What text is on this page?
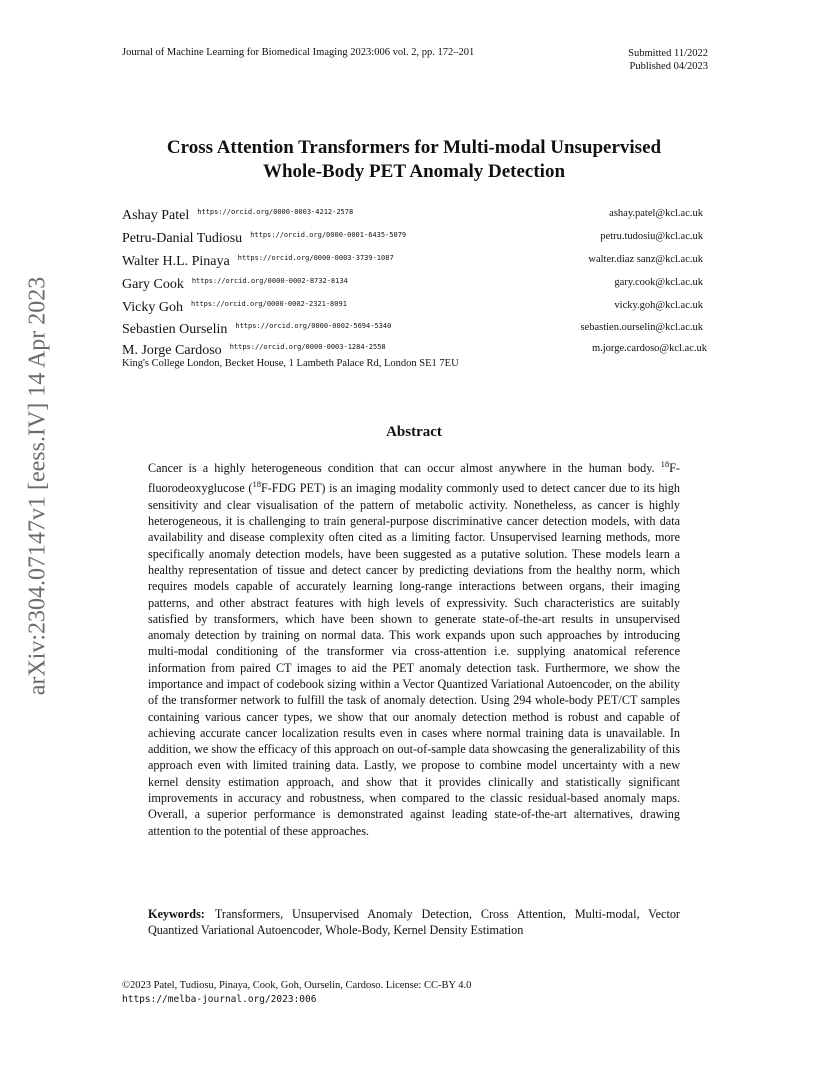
Journal of Machine Learning for Biomedical Imaging 2023:006 vol. 2, pp. 172–201	Submitted 11/2022
Published 04/2023
Cross Attention Transformers for Multi-modal Unsupervised
Whole-Body PET Anomaly Detection
Ashay Patel $^{https://orcid.org/0000-0003-4212-2578}$	ashay.patel@kcl.ac.uk
Petru-Danial Tudiosu $^{https://orcid.org/0000-0001-6435-5079}$	petru.tudosiu@kcl.ac.uk
Walter H.L. Pinaya $^{https://orcid.org/0000-0003-3739-1087}$	walter.diaz sanz@kcl.ac.uk
Gary Cook $^{https://orcid.org/0000-0002-8732-8134}$	gary.cook@kcl.ac.uk
Vicky Goh $^{https://orcid.org/0000-0002-2321-8091}$	vicky.goh@kcl.ac.uk
Sebastien Ourselin $^{https://orcid.org/0000-0002-5694-5340}$	sebastien.ourselin@kcl.ac.uk
M. Jorge Cardoso $^{https://orcid.org/0000-0003-1284-2558}$	m.jorge.cardoso@kcl.ac.uk
King's College London, Becket House, 1 Lambeth Palace Rd, London SE1 7EU
Abstract
Cancer is a highly heterogeneous condition that can occur almost anywhere in the human body. $^{18}$F-fluorodeoxyglucose ($^{18}$F-FDG PET) is an imaging modality commonly used to detect cancer due to its high sensitivity and clear visualisation of the pattern of metabolic activity. Nonetheless, as cancer is highly heterogeneous, it is challenging to train general-purpose discriminative cancer detection models, with data availability and disease complexity often cited as a limiting factor. Unsupervised learning methods, more specifically anomaly detection models, have been suggested as a putative solution. These models learn a healthy representation of tissue and detect cancer by predicting deviations from the healthy norm, which requires models capable of accurately learning long-range interactions between organs, their imaging patterns, and other abstract features with high levels of expressivity. Such characteristics are suitably satisfied by transformers, which have been shown to generate state-of-the-art results in unsupervised anomaly detection by training on normal data. This work expands upon such approaches by introducing multi-modal conditioning of the transformer via cross-attention i.e. supplying anatomical reference information from paired CT images to aid the PET anomaly detection task. Furthermore, we show the importance and impact of codebook sizing within a Vector Quantized Variational Autoencoder, on the ability of the transformer network to fulfill the task of anomaly detection. Using 294 whole-body PET/CT samples containing various cancer types, we show that our anomaly detection method is robust and capable of achieving accurate cancer localization results even in cases where normal training data is unavailable. In addition, we show the efficacy of this approach on out-of-sample data showcasing the generalizability of this approach even with limited training data. Lastly, we propose to combine model uncertainty with a new kernel density estimation approach, and show that it provides clinically and statistically significant improvements in accuracy and robustness, when compared to the classic residual-based anomaly maps. Overall, a superior performance is demonstrated against leading state-of-the-art alternatives, drawing attention to the potential of these approaches.
Keywords: Transformers, Unsupervised Anomaly Detection, Cross Attention, Multi-modal, Vector Quantized Variational Autoencoder, Whole-Body, Kernel Density Estimation
©2023 Patel, Tudiosu, Pinaya, Cook, Goh, Ourselin, Cardoso. License: CC-BY 4.0
https://melba-journal.org/2023:006
arXiv:2304.07147v1 [eess.IV] 14 Apr 2023
